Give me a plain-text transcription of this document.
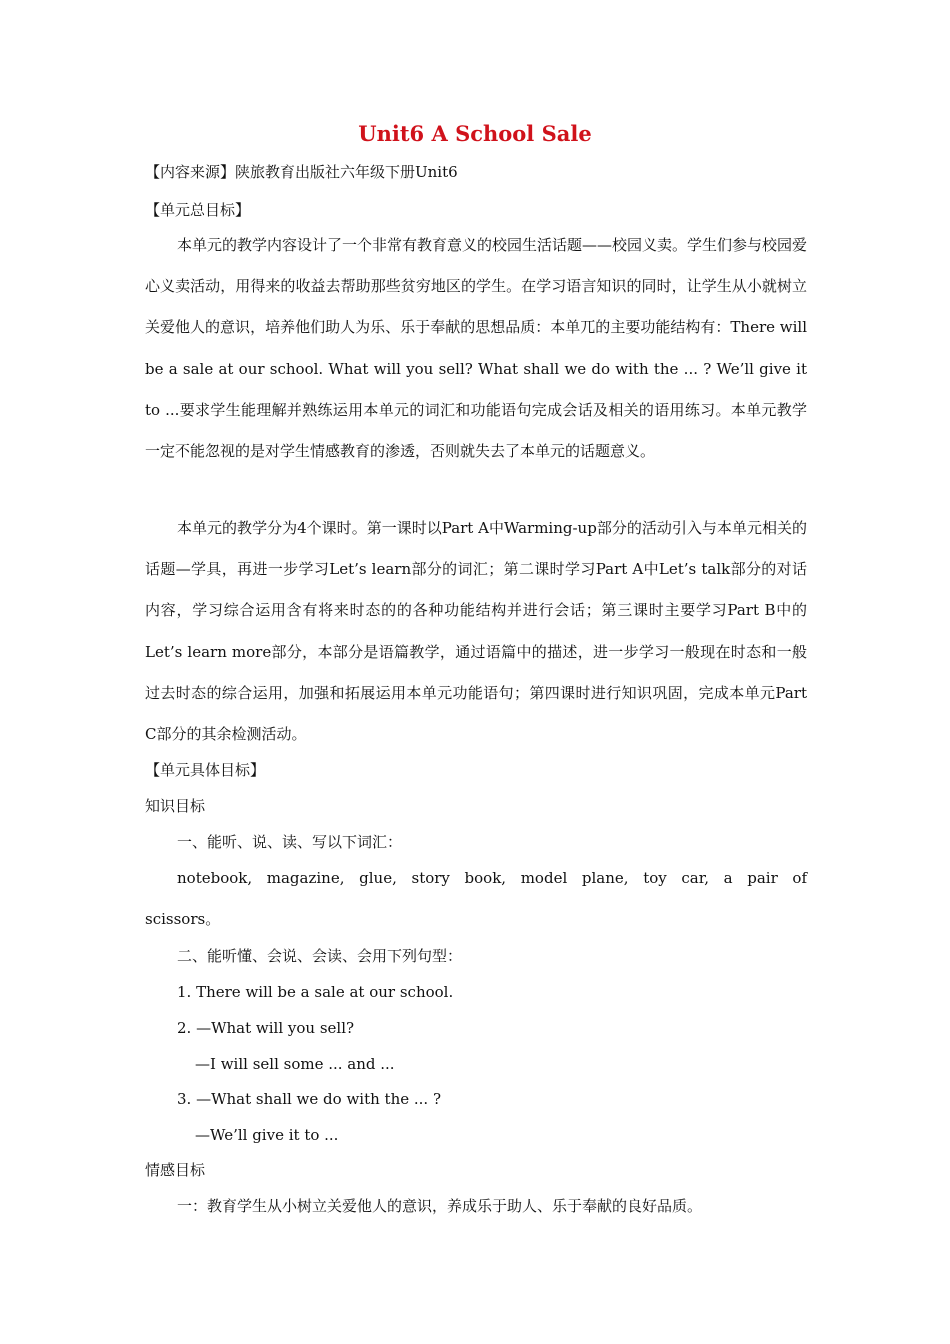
Unit6 A School Sale
【内容来源】陕旅教育出版社六年级下册Unit6
【单元总目标】

本单元的教学内容设计了一个非常有教育意义的校园生活话题——校园义卖。学生们参与校园爱心义卖活动，用得来的收益去帮助那些贫穷地区的学生。在学习语言知识的同时，让学生从小就树立关爱他人的意识，培养他们助人为乐、乐于奉献的思想品质：本单兀的主要功能结构有：There will be a sale at our school. What will you sell? What shall we do with the ... ? We’ll give it to ...要求学生能理解并熟练运用本单元的词汇和功能语句完成会话及相关的语用练习。本单元教学一定不能忽视的是对学生情感教育的渗透，否则就失去了本单元的话题意义。

本单元的教学分为4个课时。第一课时以Part A中Warming-up部分的活动引入与本单元相关的话题—学具，再进一步学习Let’s learn部分的词汇；第二课时学习Part A中Let’s talk部分的对话内容，学习综合运用含有将来时态的的各种功能结构并进行会话；第三课时主要学习Part B中的Let’s learn more部分，本部分是语篇教学，通过语篇中的描述，进一步学习一般现在时态和一般过去时态的综合运用，加强和拓展运用本单元功能语句；第四课时进行知识巩固，完成本单元Part C部分的其余检测活动。

【单元具体目标】
知识目标
一、能听、说、读、写以下词汇：

notebook, magazine, glue, story book, model plane, toy car, a pair of scissors。

二、能听懂、会说、会读、会用下列句型：
1. There will be a sale at our school.
2. —What will you sell?
—I will sell some ... and ...
3. —What shall we do with the ... ?
—We’ll give it to ...
情感目标
一：教育学生从小树立关爱他人的意识，养成乐于助人、乐于奉献的良好品质。
